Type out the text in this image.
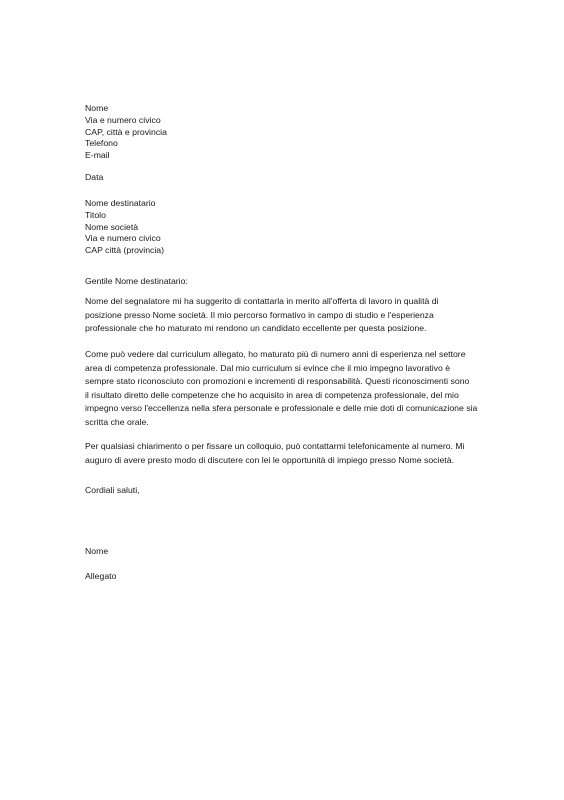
Nome
Via e numero civico
CAP, città e provincia
Telefono
E-mail
Data
Nome destinatario
Titolo
Nome società
Via e numero civico
CAP città (provincia)
Gentile Nome destinatario:
Nome del segnalatore mi ha suggerito di contattarla in merito all'offerta di lavoro in qualità di
posizione presso Nome società. Il mio percorso formativo in campo di studio e l'esperienza
professionale che ho maturato mi rendono un candidato eccellente per questa posizione.
Come può vedere dal curriculum allegato, ho maturato più di numero anni di esperienza nel settore
area di competenza professionale. Dal mio curriculum si evince che il mio impegno lavorativo è
sempre stato riconosciuto con promozioni e incrementi di responsabilità. Questi riconoscimenti sono
il risultato diretto delle competenze che ho acquisito in area di competenza professionale, del mio
impegno verso l'eccellenza nella sfera personale e professionale e delle mie doti di comunicazione sia
scritta che orale.
Per qualsiasi chiarimento o per fissare un colloquio, può contattarmi telefonicamente al numero. Mi
auguro di avere presto modo di discutere con lei le opportunità di impiego presso Nome società.
Cordiali saluti,
Nome
Allegato
